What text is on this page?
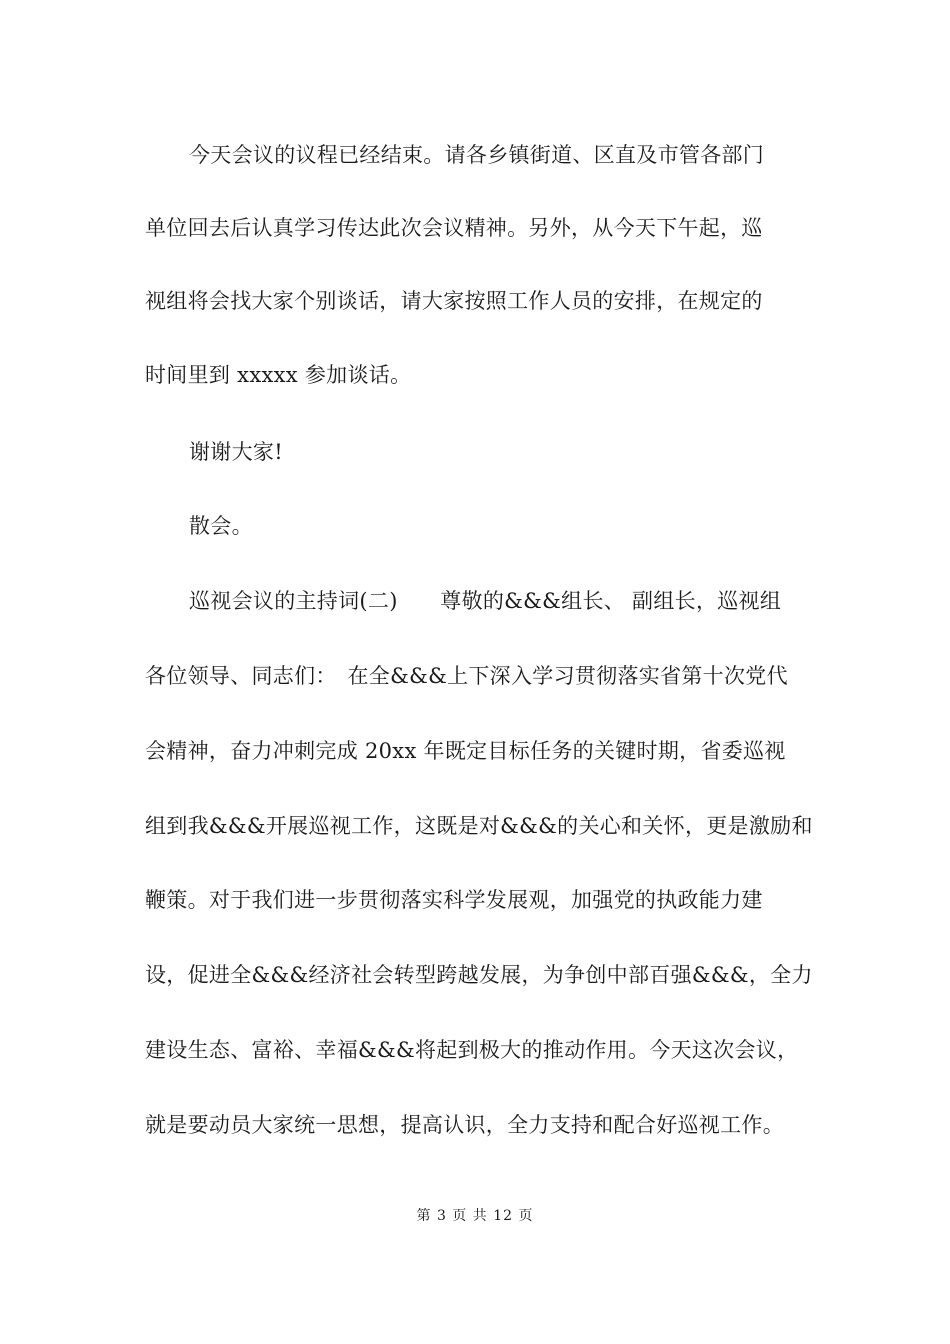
今天会议的议程已经结束。请各乡镇街道、区直及市管各部门
单位回去后认真学习传达此次会议精神。另外，从今天下午起，巡
视组将会找大家个别谈话，请大家按照工作人员的安排，在规定的
时间里到 xxxxx 参加谈话。
谢谢大家!
散会。
巡视会议的主持词(二)　　尊敬的&&&组长、 副组长，巡视组
各位领导、同志们：　在全&&&上下深入学习贯彻落实省第十次党代
会精神，奋力冲刺完成 20xx 年既定目标任务的关键时期，省委巡视
组到我&&&开展巡视工作，这既是对&&&的关心和关怀，更是激励和
鞭策。对于我们进一步贯彻落实科学发展观，加强党的执政能力建
设，促进全&&&经济社会转型跨越发展，为争创中部百强&&&，全力
建设生态、富裕、幸福&&&将起到极大的推动作用。今天这次会议，
就是要动员大家统一思想，提高认识，全力支持和配合好巡视工作。
第 3 页 共 12 页
